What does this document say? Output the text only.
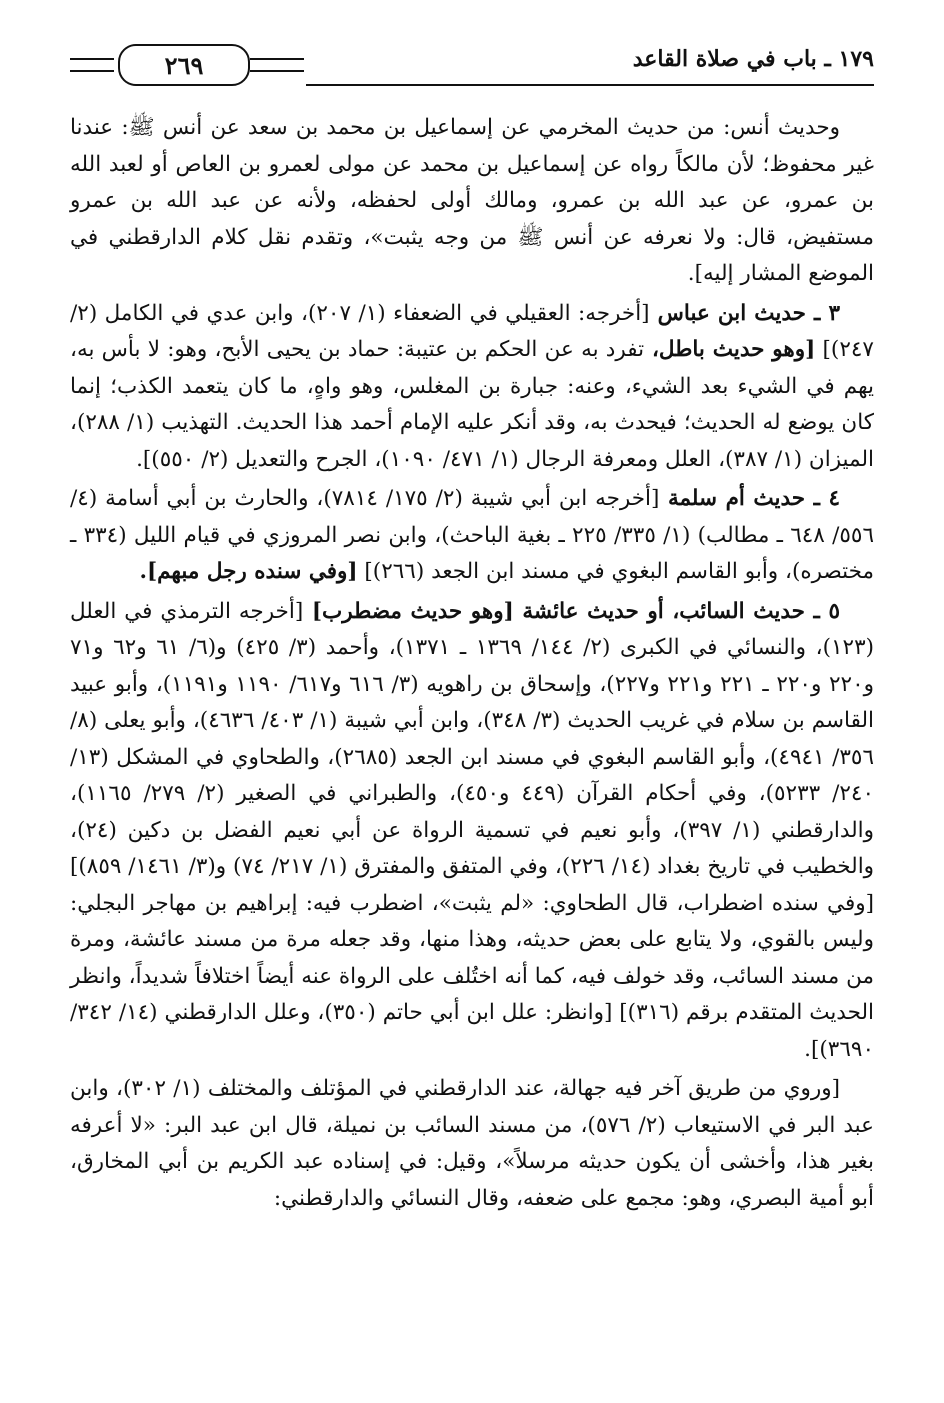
١٧٩ ـ باب في صلاة القاعد
٢٦٩

وحديث أنس: من حديث المخرمي عن إسماعيل بن محمد بن سعد عن أنس ﷺ: عندنا غير محفوظ؛ لأن مالكاً رواه عن إسماعيل بن محمد عن مولى لعمرو بن العاص أو لعبد الله بن عمرو، عن عبد الله بن عمرو، ومالك أولى لحفظه، ولأنه عن عبد الله بن عمرو مستفيض، قال: ولا نعرفه عن أنس ﷺ من وجه يثبت»، وتقدم نقل كلام الدارقطني في الموضع المشار إليه].

٣ ـ حديث ابن عباس [أخرجه: العقيلي في الضعفاء (١/ ٢٠٧)، وابن عدي في الكامل (٢/ ٢٤٧)] [وهو حديث باطل، تفرد به عن الحكم بن عتيبة: حماد بن يحيى الأبح، وهو: لا بأس به، يهم في الشيء بعد الشيء، وعنه: جبارة بن المغلس، وهو واهٍ، ما كان يتعمد الكذب؛ إنما كان يوضع له الحديث؛ فيحدث به، وقد أنكر عليه الإمام أحمد هذا الحديث. التهذيب (١/ ٢٨٨)، الميزان (١/ ٣٨٧)، العلل ومعرفة الرجال (١/ ٤٧١/ ١٠٩٠)، الجرح والتعديل (٢/ ٥٥٠)].

٤ ـ حديث أم سلمة [أخرجه ابن أبي شيبة (٢/ ١٧٥/ ٧٨١٤)، والحارث بن أبي أسامة (٤/ ٥٥٦/ ٦٤٨ ـ مطالب) (١/ ٣٣٥/ ٢٢٥ ـ بغية الباحث)، وابن نصر المروزي في قيام الليل (٣٣٤ ـ مختصره)، وأبو القاسم البغوي في مسند ابن الجعد (٢٦٦)] [وفي سنده رجل مبهم].

٥ ـ حديث السائب، أو حديث عائشة [وهو حديث مضطرب] [أخرجه الترمذي في العلل (١٢٣)، والنسائي في الكبرى (٢/ ١٤٤/ ١٣٦٩ ـ ١٣٧١)، وأحمد (٣/ ٤٢٥) و(٦/ ٦١ و٦٢ و٧١ و٢٢٠ و٢٢٠ ـ ٢٢١ و٢٢١ و٢٢٧)، وإسحاق بن راهويه (٣/ ٦١٦ و٦١٧/ ١١٩٠ و١١٩١)، وأبو عبيد القاسم بن سلام في غريب الحديث (٣/ ٣٤٨)، وابن أبي شيبة (١/ ٤٠٣/ ٤٦٣٦)، وأبو يعلى (٨/ ٣٥٦/ ٤٩٤١)، وأبو القاسم البغوي في مسند ابن الجعد (٢٦٨٥)، والطحاوي في المشكل (١٣/ ٢٤٠/ ٥٢٣٣)، وفي أحكام القرآن (٤٤٩ و٤٥٠)، والطبراني في الصغير (٢/ ٢٧٩/ ١١٦٥)، والدارقطني (١/ ٣٩٧)، وأبو نعيم في تسمية الرواة عن أبي نعيم الفضل بن دكين (٢٤)، والخطيب في تاريخ بغداد (١٤/ ٢٢٦)، وفي المتفق والمفترق (١/ ٢١٧/ ٧٤) و(٣/ ١٤٦١/ ٨٥٩)] [وفي سنده اضطراب، قال الطحاوي: «لم يثبت»، اضطرب فيه: إبراهيم بن مهاجر البجلي: وليس بالقوي، ولا يتابع على بعض حديثه، وهذا منها، وقد جعله مرة من مسند عائشة، ومرة من مسند السائب، وقد خولف فيه، كما أنه اختُلف على الرواة عنه أيضاً اختلافاً شديداً، وانظر الحديث المتقدم برقم (٣١٦)] [وانظر: علل ابن أبي حاتم (٣٥٠)، وعلل الدارقطني (١٤/ ٣٤٢/ ٣٦٩٠)].

[وروي من طريق آخر فيه جهالة، عند الدارقطني في المؤتلف والمختلف (١/ ٣٠٢)، وابن عبد البر في الاستيعاب (٢/ ٥٧٦)، من مسند السائب بن نميلة، قال ابن عبد البر: «لا أعرفه بغير هذا، وأخشى أن يكون حديثه مرسلاً»، وقيل: في إسناده عبد الكريم بن أبي المخارق، أبو أمية البصري، وهو: مجمع على ضعفه، وقال النسائي والدارقطني:
